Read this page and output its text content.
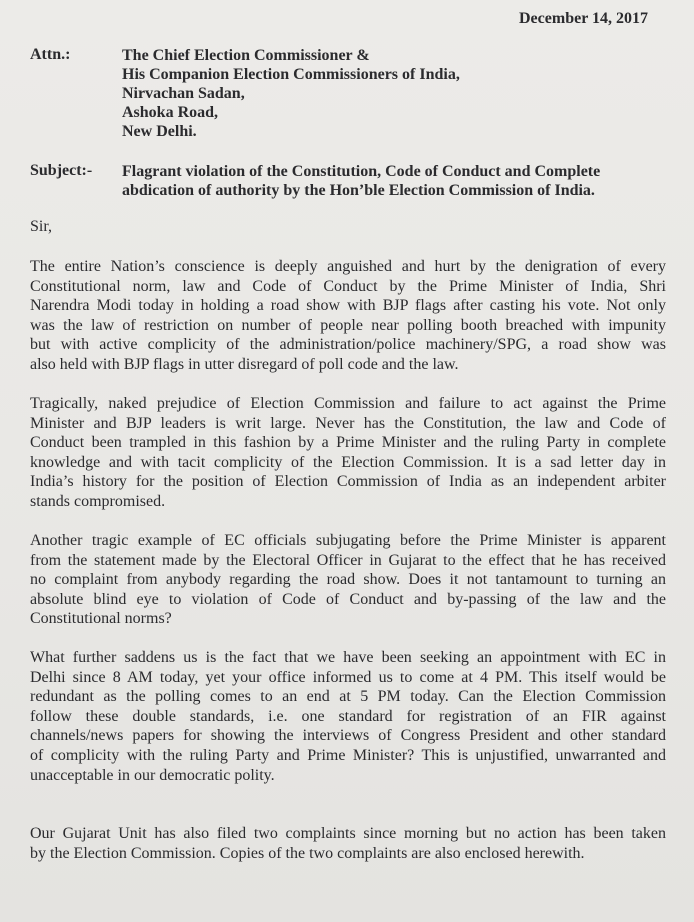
December 14, 2017
Attn.:	The Chief Election Commissioner &
His Companion Election Commissioners of India,
Nirvachan Sadan,
Ashoka Road,
New Delhi.
Subject:- Flagrant violation of the Constitution, Code of Conduct and Complete
abdication of authority by the Hon’ble Election Commission of India.
Sir,
The entire Nation’s conscience is deeply anguished and hurt by the denigration of every
Constitutional norm, law and Code of Conduct by the Prime Minister of India, Shri
Narendra Modi today in holding a road show with BJP flags after casting his vote. Not only
was the law of restriction on number of people near polling booth breached with impunity
but with active complicity of the administration/police machinery/SPG, a road show was
also held with BJP flags in utter disregard of poll code and the law.
Tragically, naked prejudice of Election Commission and failure to act against the Prime
Minister and BJP leaders is writ large. Never has the Constitution, the law and Code of
Conduct been trampled in this fashion by a Prime Minister and the ruling Party in complete
knowledge and with tacit complicity of the Election Commission. It is a sad letter day in
India’s history for the position of Election Commission of India as an independent arbiter
stands compromised.
Another tragic example of EC officials subjugating before the Prime Minister is apparent
from the statement made by the Electoral Officer in Gujarat to the effect that he has received
no complaint from anybody regarding the road show. Does it not tantamount to turning an
absolute blind eye to violation of Code of Conduct and by-passing of the law and the
Constitutional norms?
What further saddens us is the fact that we have been seeking an appointment with EC in
Delhi since 8 AM today, yet your office informed us to come at 4 PM. This itself would be
redundant as the polling comes to an end at 5 PM today. Can the Election Commission
follow these double standards, i.e. one standard for registration of an FIR against
channels/news papers for showing the interviews of Congress President and other standard
of complicity with the ruling Party and Prime Minister? This is unjustified, unwarranted and
unacceptable in our democratic polity.
Our Gujarat Unit has also filed two complaints since morning but no action has been taken
by the Election Commission. Copies of the two complaints are also enclosed herewith.
